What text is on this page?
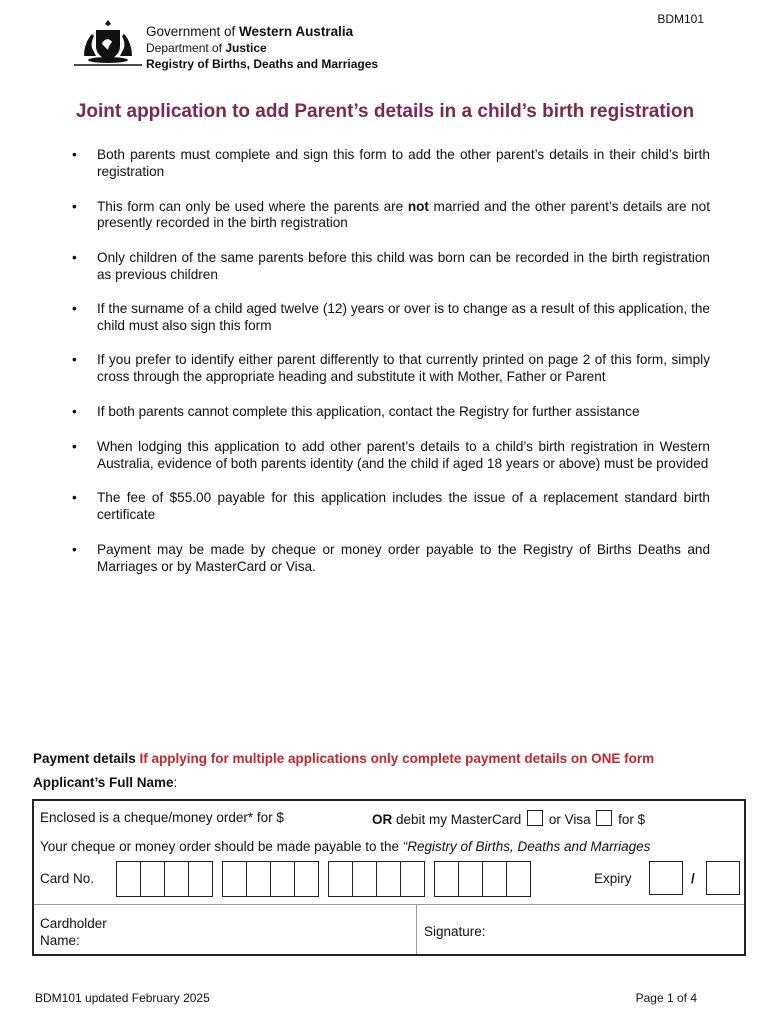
BDM101
Government of Western Australia
Department of Justice
Registry of Births, Deaths and Marriages
Joint application to add Parent’s details in a child’s birth registration
• Both parents must complete and sign this form to add the other parent’s details in their child’s birth registration
• This form can only be used where the parents are not married and the other parent’s details are not presently recorded in the birth registration
• Only children of the same parents before this child was born can be recorded in the birth registration as previous children
• If the surname of a child aged twelve (12) years or over is to change as a result of this application, the child must also sign this form
• If you prefer to identify either parent differently to that currently printed on page 2 of this form, simply cross through the appropriate heading and substitute it with Mother, Father or Parent
• If both parents cannot complete this application, contact the Registry for further assistance
• When lodging this application to add other parent’s details to a child’s birth registration in Western Australia, evidence of both parents identity (and the child if aged 18 years or above) must be provided
• The fee of $55.00 payable for this application includes the issue of a replacement standard birth certificate
• Payment may be made by cheque or money order payable to the Registry of Births Deaths and Marriages or by MasterCard or Visa.
Payment details If applying for multiple applications only complete payment details on ONE form
Applicant’s Full Name:
Enclosed is a cheque/money order* for $	OR debit my MasterCard  or Visa  for $
Your cheque or money order should be made payable to the “Registry of Births, Deaths and Marriages
Card No.	Expiry	/
Cardholder
Name:
Signature:
BDM101 updated February 2025	Page 1 of 4
